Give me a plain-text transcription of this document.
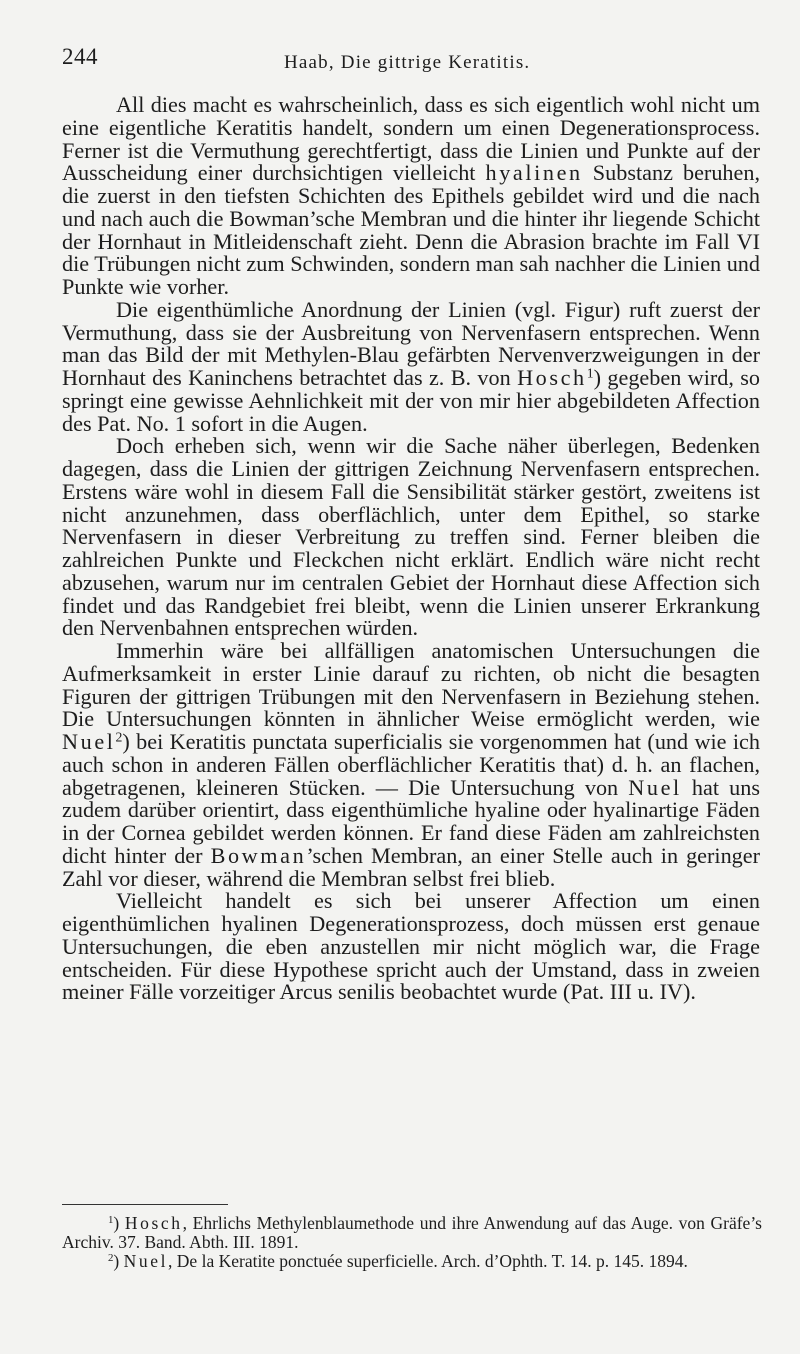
244	Haab, Die gittrige Keratitis.

All dies macht es wahrscheinlich, dass es sich eigentlich wohl nicht um eine eigentliche Keratitis handelt, sondern um einen Degenerationsprocess. Ferner ist die Vermuthung gerechtfertigt, dass die Linien und Punkte auf der Ausscheidung einer durchsichtigen vielleicht hyalinen Substanz beruhen, die zuerst in den tiefsten Schichten des Epithels gebildet wird und die nach und nach auch die Bowman’sche Membran und die hinter ihr liegende Schicht der Hornhaut in Mitleidenschaft zieht. Denn die Abrasion brachte im Fall VI die Trübungen nicht zum Schwinden, sondern man sah nachher die Linien und Punkte wie vorher.

Die eigenthümliche Anordnung der Linien (vgl. Figur) ruft zuerst der Vermuthung, dass sie der Ausbreitung von Nervenfasern entsprechen. Wenn man das Bild der mit Methylen-Blau gefärbten Nervenverzweigungen in der Hornhaut des Kaninchens betrachtet das z. B. von Hosch$^1$) gegeben wird, so springt eine gewisse Aehnlichkeit mit der von mir hier abgebildeten Affection des Pat. No. 1 sofort in die Augen.

Doch erheben sich, wenn wir die Sache näher überlegen, Bedenken dagegen, dass die Linien der gittrigen Zeichnung Nervenfasern entsprechen. Erstens wäre wohl in diesem Fall die Sensibilität stärker gestört, zweitens ist nicht anzunehmen, dass oberflächlich, unter dem Epithel, so starke Nervenfasern in dieser Verbreitung zu treffen sind. Ferner bleiben die zahlreichen Punkte und Fleckchen nicht erklärt. Endlich wäre nicht recht abzusehen, warum nur im centralen Gebiet der Hornhaut diese Affection sich findet und das Randgebiet frei bleibt, wenn die Linien unserer Erkrankung den Nervenbahnen entsprechen würden.

Immerhin wäre bei allfälligen anatomischen Untersuchungen die Aufmerksamkeit in erster Linie darauf zu richten, ob nicht die besagten Figuren der gittrigen Trübungen mit den Nervenfasern in Beziehung stehen. Die Untersuchungen könnten in ähnlicher Weise ermöglicht werden, wie Nuel$^2$) bei Keratitis punctata superficialis sie vorgenommen hat (und wie ich auch schon in anderen Fällen oberflächlicher Keratitis that) d. h. an flachen, abgetragenen, kleineren Stücken. — Die Untersuchung von Nuel hat uns zudem darüber orientirt, dass eigenthümliche hyaline oder hyalinartige Fäden in der Cornea gebildet werden können. Er fand diese Fäden am zahlreichsten dicht hinter der Bowman’schen Membran, an einer Stelle auch in geringer Zahl vor dieser, während die Membran selbst frei blieb.

Vielleicht handelt es sich bei unserer Affection um einen eigenthümlichen hyalinen Degenerationsprozess, doch müssen erst genaue Untersuchungen, die eben anzustellen mir nicht möglich war, die Frage entscheiden. Für diese Hypothese spricht auch der Umstand, dass in zweien meiner Fälle vorzeitiger Arcus senilis beobachtet wurde (Pat. III u. IV).

$^1$) Hosch, Ehrlichs Methylenblaumethode und ihre Anwendung auf das Auge. von Gräfe’s Archiv. 37. Band. Abth. III. 1891.

$^2$) Nuel, De la Keratite ponctuée superficielle. Arch. d’Ophth. T. 14. p. 145. 1894.
